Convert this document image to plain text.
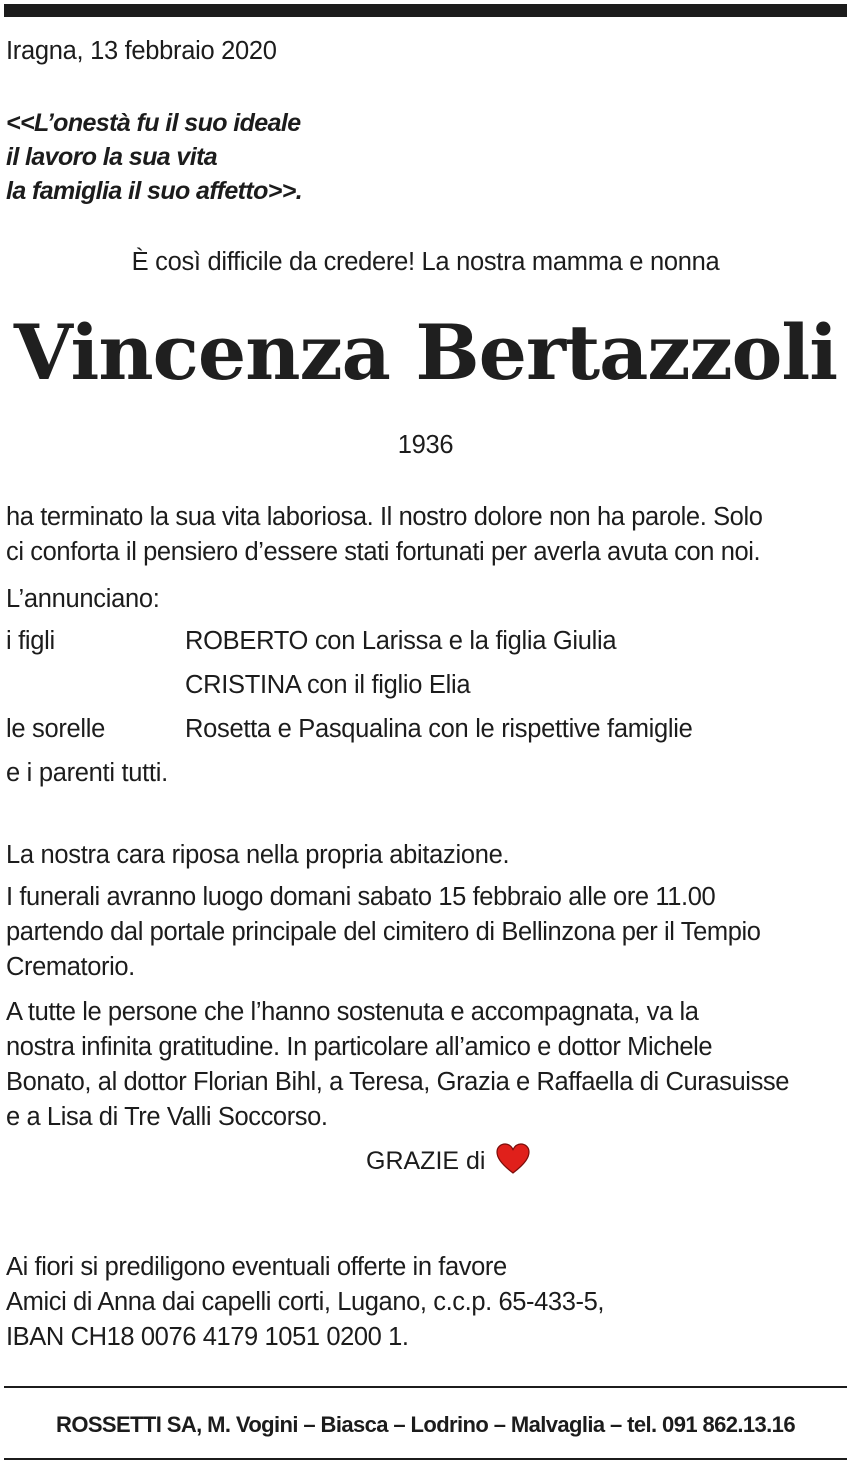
Iragna, 13 febbraio 2020
<<L’onestà fu il suo ideale
il lavoro la sua vita
la famiglia il suo affetto>>.
È così difficile da credere! La nostra mamma e nonna
Vincenza Bertazzoli
1936
ha terminato la sua vita laboriosa. Il nostro dolore non ha parole. Solo
ci conforta il pensiero d’essere stati fortunati per averla avuta con noi.
L’annunciano:
i figli	ROBERTO con Larissa e la figlia Giulia
CRISTINA con il figlio Elia
le sorelle	Rosetta e Pasqualina con le rispettive famiglie
e i parenti tutti.
La nostra cara riposa nella propria abitazione.
I funerali avranno luogo domani sabato 15 febbraio alle ore 11.00
partendo dal portale principale del cimitero di Bellinzona per il Tempio
Crematorio.
A tutte le persone che l’hanno sostenuta e accompagnata, va la
nostra infinita gratitudine. In particolare all’amico e dottor Michele
Bonato, al dottor Florian Bihl, a Teresa, Grazia e Raffaella di Curasuisse
e a Lisa di Tre Valli Soccorso.
GRAZIE di
Ai fiori si prediligono eventuali offerte in favore
Amici di Anna dai capelli corti, Lugano, c.c.p. 65-433-5,
IBAN CH18 0076 4179 1051 0200 1.
ROSSETTI SA, M. Vogini – Biasca – Lodrino – Malvaglia – tel. 091 862.13.16
